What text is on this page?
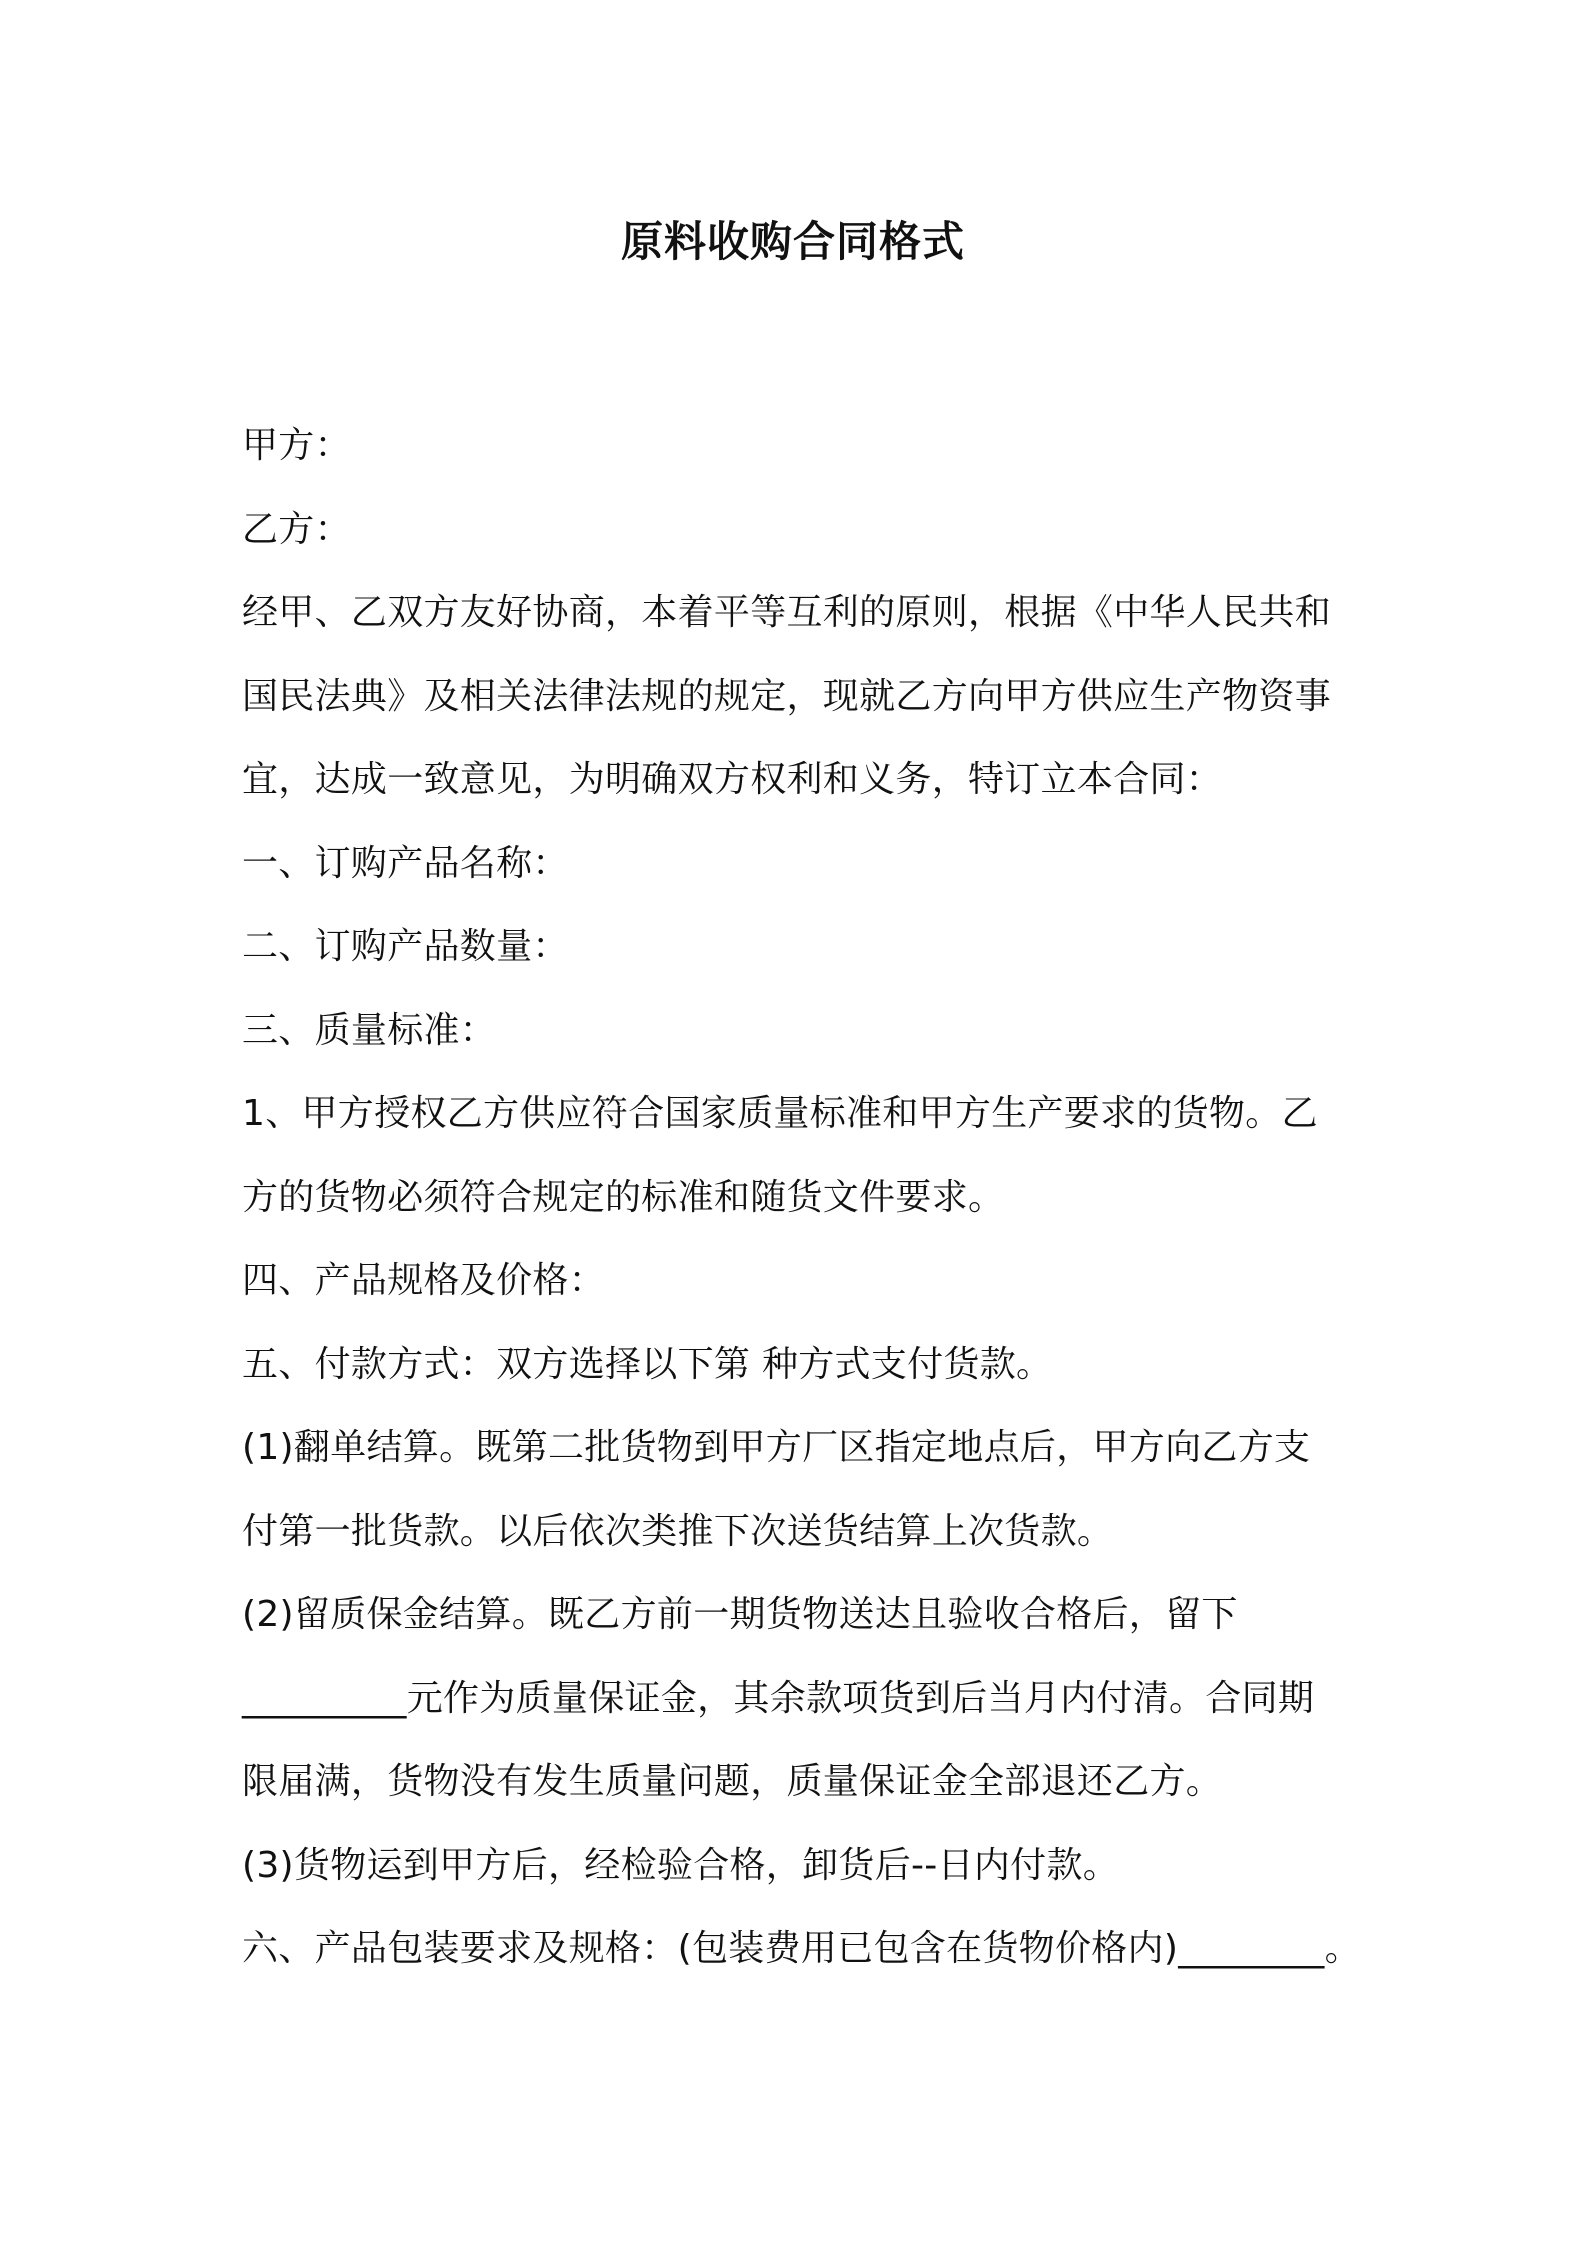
原料收购合同格式
甲方：
乙方：
经甲、乙双方友好协商，本着平等互利的原则，根据《中华人民共和
国民法典》及相关法律法规的规定，现就乙方向甲方供应生产物资事
宜，达成一致意见，为明确双方权利和义务，特订立本合同：
一、订购产品名称：
二、订购产品数量：
三、质量标准：
1、甲方授权乙方供应符合国家质量标准和甲方生产要求的货物。乙
方的货物必须符合规定的标准和随货文件要求。
四、产品规格及价格：
五、付款方式：双方选择以下第 种方式支付货款。
(1)翻单结算。既第二批货物到甲方厂区指定地点后，甲方向乙方支
付第一批货款。以后依次类推下次送货结算上次货款。
(2)留质保金结算。既乙方前一期货物送达且验收合格后，留下
_________元作为质量保证金，其余款项货到后当月内付清。合同期
限届满，货物没有发生质量问题，质量保证金全部退还乙方。
(3)货物运到甲方后，经检验合格，卸货后--日内付款。
六、产品包装要求及规格：(包装费用已包含在货物价格内)________。
